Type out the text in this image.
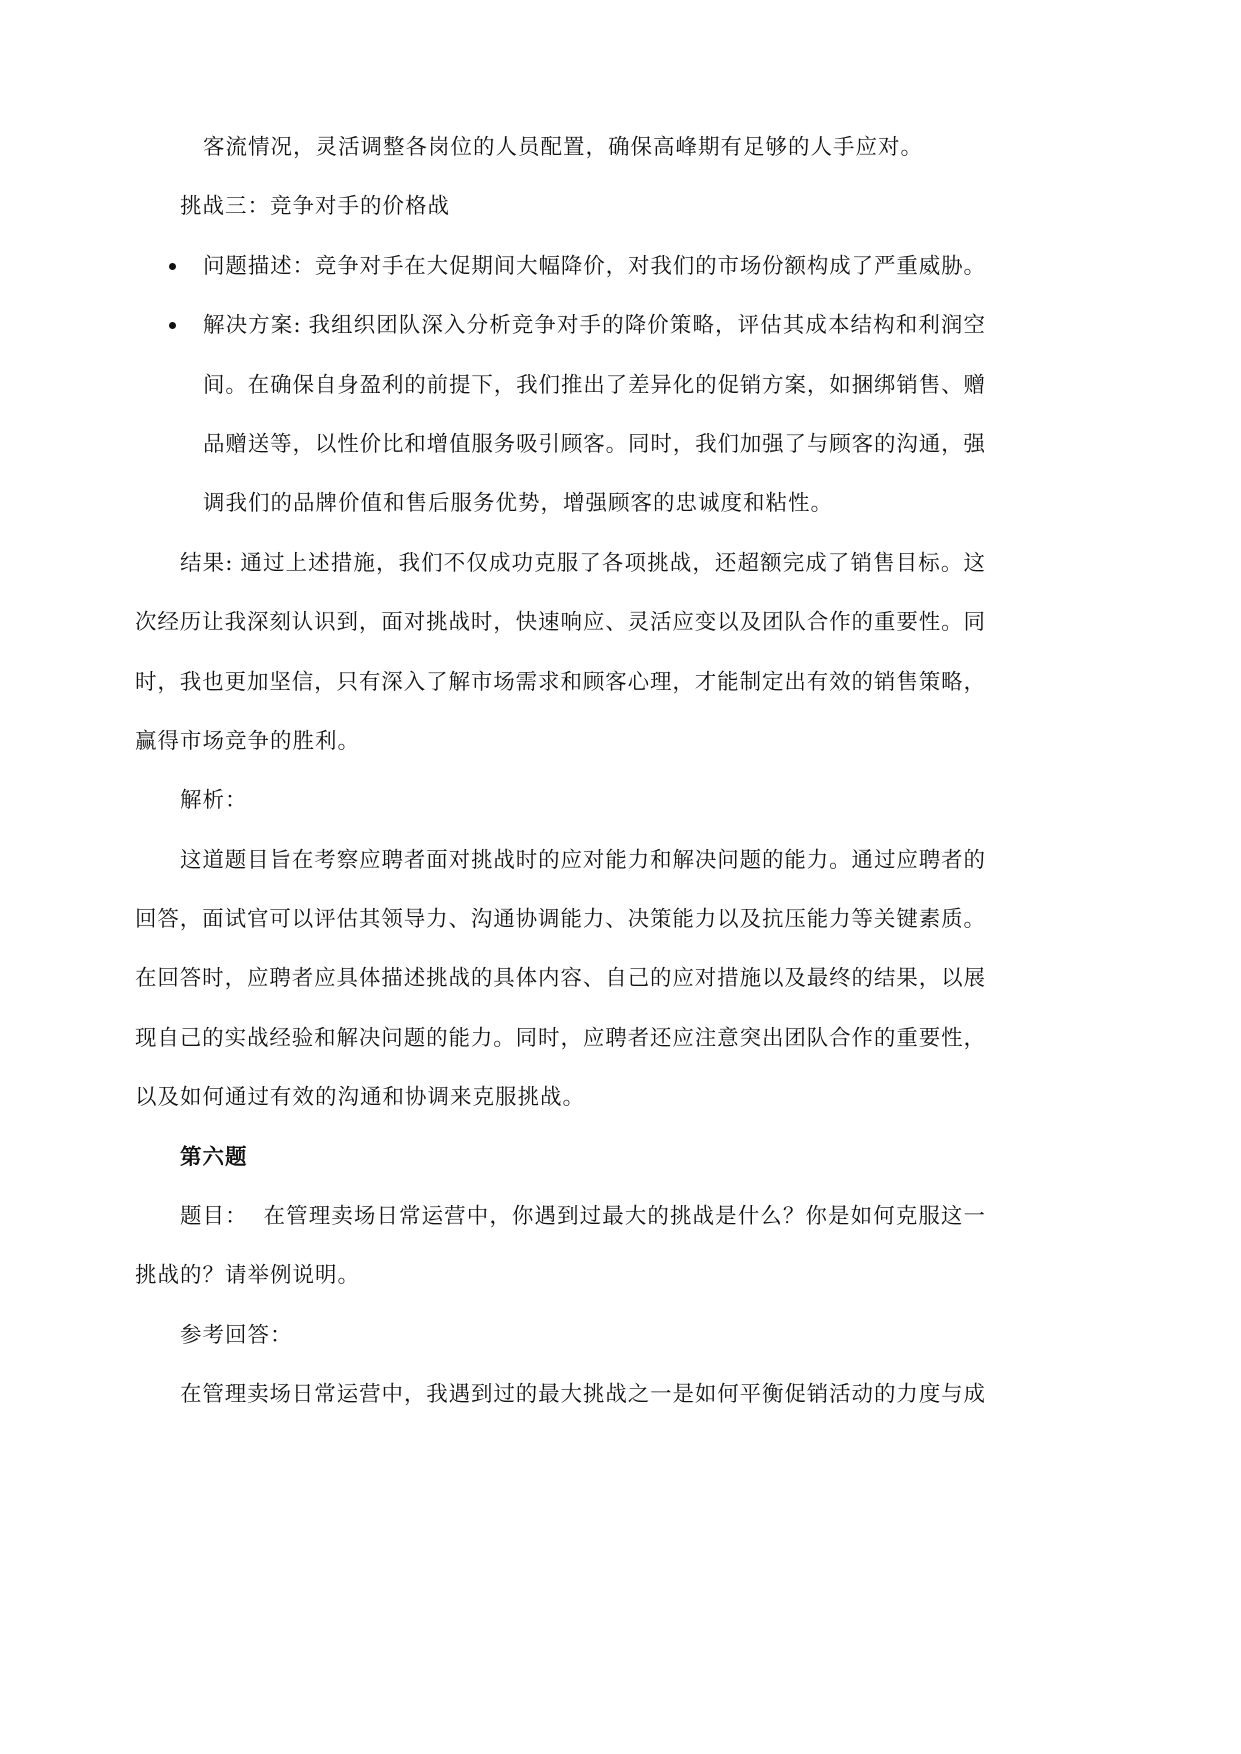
客流情况，灵活调整各岗位的人员配置，确保高峰期有足够的人手应对。
挑战三：竞争对手的价格战
问题描述：竞争对手在大促期间大幅降价，对我们的市场份额构成了严重威胁。
解决方案: 我组织团队深入分析竞争对手的降价策略，评估其成本结构和利润空
间。在确保自身盈利的前提下，我们推出了差异化的促销方案，如捆绑销售、赠
品赠送等，以性价比和增值服务吸引顾客。同时，我们加强了与顾客的沟通，强
调我们的品牌价值和售后服务优势，增强顾客的忠诚度和粘性。
结果: 通过上述措施，我们不仅成功克服了各项挑战，还超额完成了销售目标。这
次经历让我深刻认识到，面对挑战时，快速响应、灵活应变以及团队合作的重要性。同
时，我也更加坚信，只有深入了解市场需求和顾客心理，才能制定出有效的销售策略，
赢得市场竞争的胜利。
解析：
这道题目旨在考察应聘者面对挑战时的应对能力和解决问题的能力。通过应聘者的
回答，面试官可以评估其领导力、沟通协调能力、决策能力以及抗压能力等关键素质。
在回答时，应聘者应具体描述挑战的具体内容、自己的应对措施以及最终的结果，以展
现自己的实战经验和解决问题的能力。同时，应聘者还应注意突出团队合作的重要性，
以及如何通过有效的沟通和协调来克服挑战。
第六题
题目：  在管理卖场日常运营中，你遇到过最大的挑战是什么？你是如何克服这一
挑战的？请举例说明。
参考回答：
在管理卖场日常运营中，我遇到过的最大挑战之一是如何平衡促销活动的力度与成
